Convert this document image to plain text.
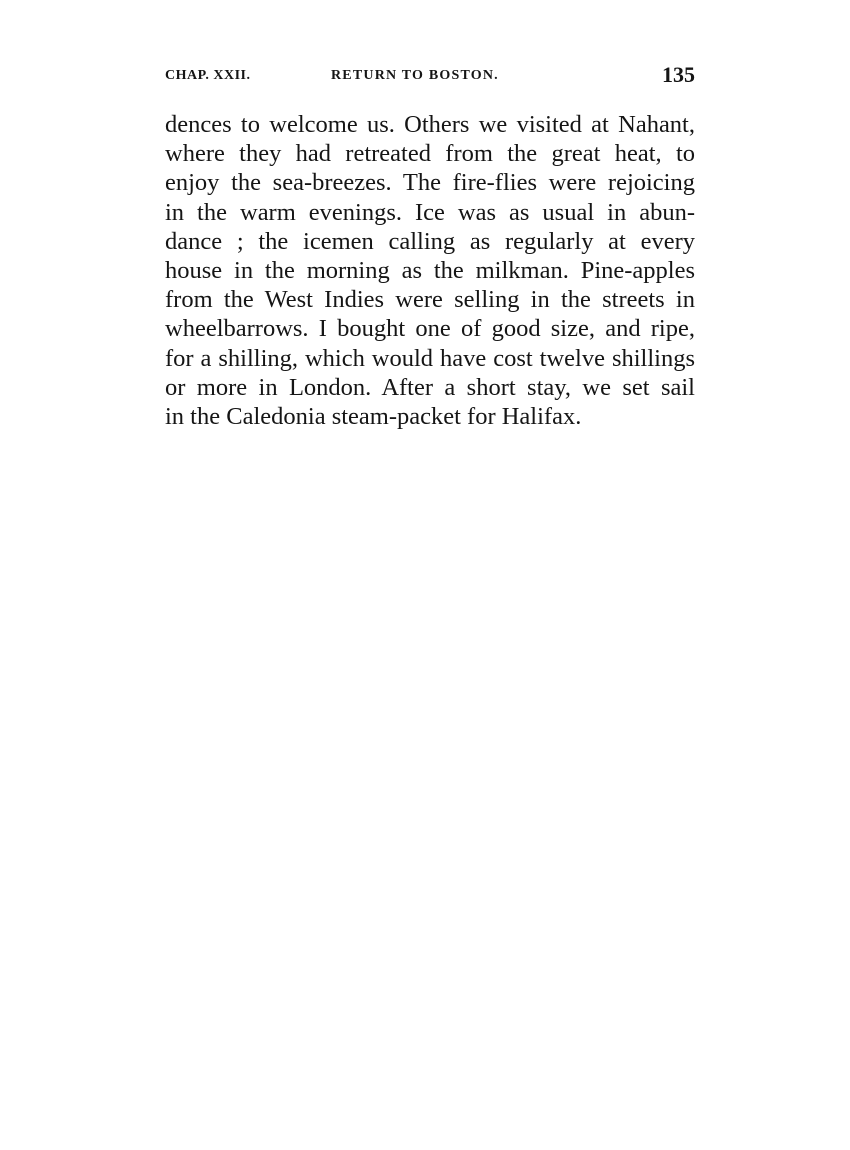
CHAP. XXII.	RETURN TO BOSTON.	135
dences to welcome us. Others we visited at Nahant,
where they had retreated from the great heat, to
enjoy the sea-breezes. The fire-flies were rejoicing
in the warm evenings. Ice was as usual in abun-
dance ; the icemen calling as regularly at every
house in the morning as the milkman. Pine-apples
from the West Indies were selling in the streets in
wheelbarrows. I bought one of good size, and ripe,
for a shilling, which would have cost twelve shillings
or more in London. After a short stay, we set sail
in the Caledonia steam-packet for Halifax.
